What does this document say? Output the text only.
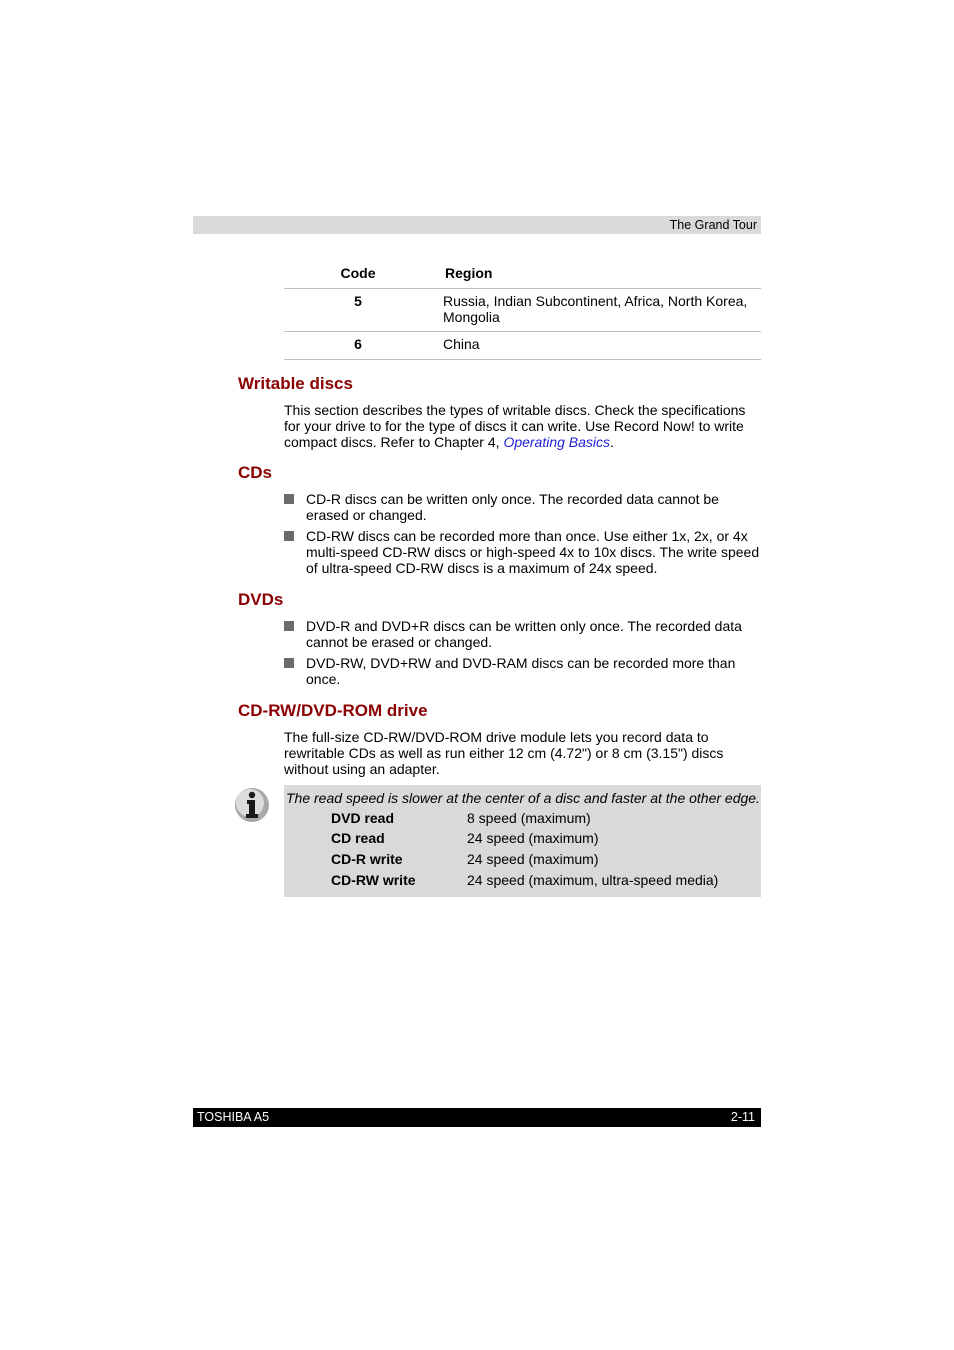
The Grand Tour
Code	Region
5	Russia, Indian Subcontinent, Africa, North Korea, Mongolia
6	China
Writable discs
This section describes the types of writable discs. Check the specifications for your drive to for the type of discs it can write. Use Record Now! to write compact discs. Refer to Chapter 4, Operating Basics.
CDs
CD-R discs can be written only once. The recorded data cannot be erased or changed.
CD-RW discs can be recorded more than once. Use either 1x, 2x, or 4x multi-speed CD-RW discs or high-speed 4x to 10x discs. The write speed of ultra-speed CD-RW discs is a maximum of 24x speed.
DVDs
DVD-R and DVD+R discs can be written only once. The recorded data cannot be erased or changed.
DVD-RW, DVD+RW and DVD-RAM discs can be recorded more than once.
CD-RW/DVD-ROM drive
The full-size CD-RW/DVD-ROM drive module lets you record data to rewritable CDs as well as run either 12 cm (4.72") or 8 cm (3.15") discs without using an adapter.
The read speed is slower at the center of a disc and faster at the other edge.
DVD read	8 speed (maximum)
CD read	24 speed (maximum)
CD-R write	24 speed (maximum)
CD-RW write	24 speed (maximum, ultra-speed media)
TOSHIBA A5	2-11
